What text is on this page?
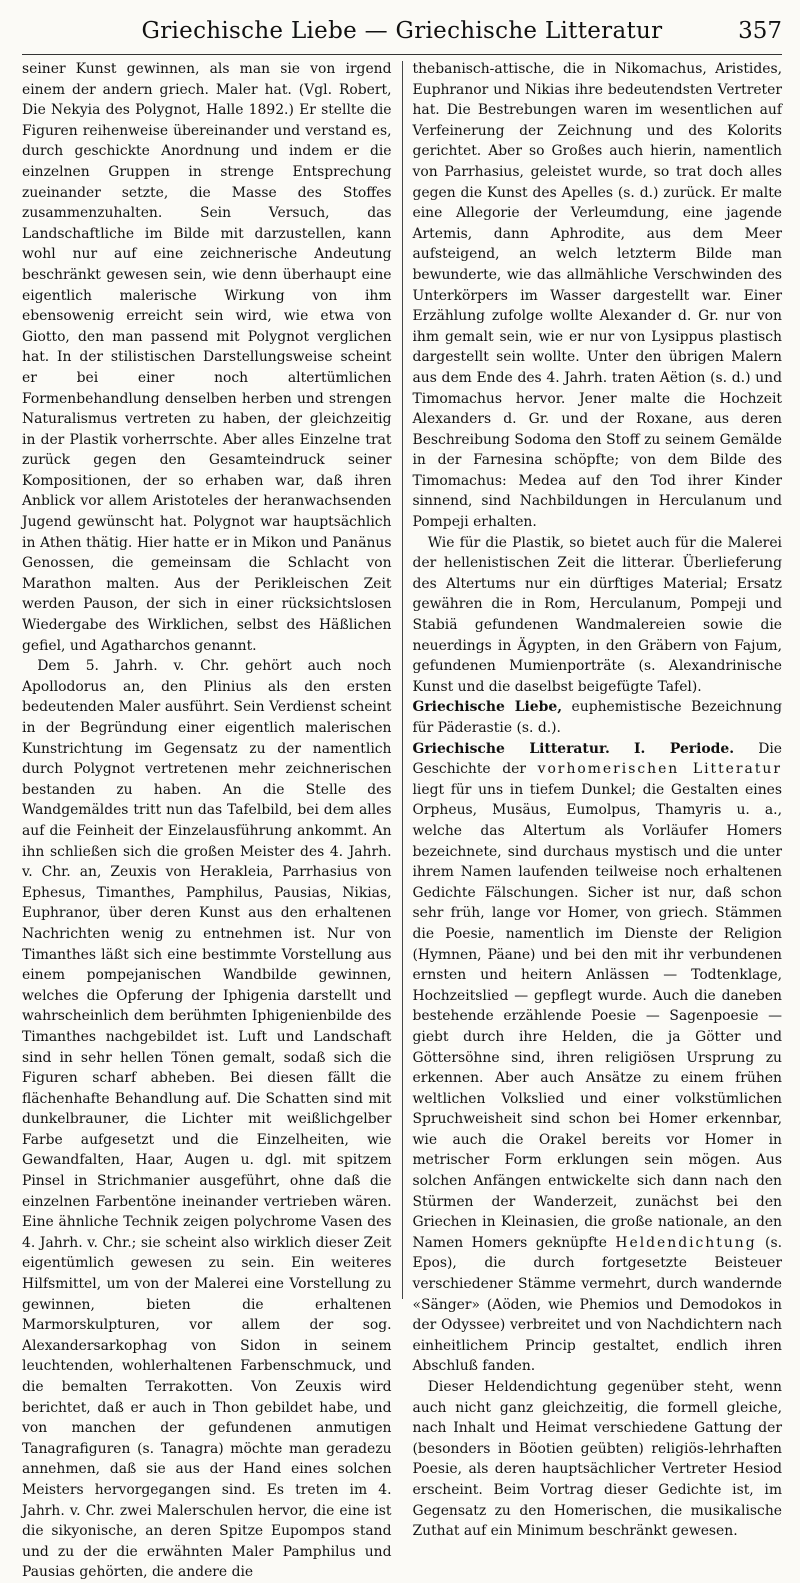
Griechische Liebe — Griechische Litteratur	357

seiner Kunst gewinnen, als man sie von irgend einem der andern griech. Maler hat. (Vgl. Robert, Die Nekyia des Polygnot, Halle 1892.) Er stellte die Figuren reihenweise übereinander und verstand es, durch geschickte Anordnung und indem er die einzelnen Gruppen in strenge Entsprechung zueinander setzte, die Masse des Stoffes zusammenzuhalten. Sein Versuch, das Landschaftliche im Bilde mit darzustellen, kann wohl nur auf eine zeichnerische Andeutung beschränkt gewesen sein, wie denn überhaupt eine eigentlich malerische Wirkung von ihm ebensowenig erreicht sein wird, wie etwa von Giotto, den man passend mit Polygnot verglichen hat. In der stilistischen Darstellungsweise scheint er bei einer noch altertümlichen Formenbehandlung denselben herben und strengen Naturalismus vertreten zu haben, der gleichzeitig in der Plastik vorherrschte. Aber alles Einzelne trat zurück gegen den Gesamteindruck seiner Kompositionen, der so erhaben war, daß ihren Anblick vor allem Aristoteles der heranwachsenden Jugend gewünscht hat. Polygnot war hauptsächlich in Athen thätig. Hier hatte er in Mikon und Panänus Genossen, die gemeinsam die Schlacht von Marathon malten. Aus der Perikleischen Zeit werden Pauson, der sich in einer rücksichtslosen Wiedergabe des Wirklichen, selbst des Häßlichen gefiel, und Agatharchos genannt.

Dem 5. Jahrh. v. Chr. gehört auch noch Apollodorus an, den Plinius als den ersten bedeutenden Maler ausführt. Sein Verdienst scheint in der Begründung einer eigentlich malerischen Kunstrichtung im Gegensatz zu der namentlich durch Polygnot vertretenen mehr zeichnerischen bestanden zu haben. An die Stelle des Wandgemäldes tritt nun das Tafelbild, bei dem alles auf die Feinheit der Einzelausführung ankommt. An ihn schließen sich die großen Meister des 4. Jahrh. v. Chr. an, Zeuxis von Herakleia, Parrhasius von Ephesus, Timanthes, Pamphilus, Pausias, Nikias, Euphranor, über deren Kunst aus den erhaltenen Nachrichten wenig zu entnehmen ist. Nur von Timanthes läßt sich eine bestimmte Vorstellung aus einem pompejanischen Wandbilde gewinnen, welches die Opferung der Iphigenia darstellt und wahrscheinlich dem berühmten Iphigenienbilde des Timanthes nachgebildet ist. Luft und Landschaft sind in sehr hellen Tönen gemalt, sodaß sich die Figuren scharf abheben. Bei diesen fällt die flächenhafte Behandlung auf. Die Schatten sind mit dunkelbrauner, die Lichter mit weißlichgelber Farbe aufgesetzt und die Einzelheiten, wie Gewandfalten, Haar, Augen u. dgl. mit spitzem Pinsel in Strichmanier ausgeführt, ohne daß die einzelnen Farbentöne ineinander vertrieben wären. Eine ähnliche Technik zeigen polychrome Vasen des 4. Jahrh. v. Chr.; sie scheint also wirklich dieser Zeit eigentümlich gewesen zu sein. Ein weiteres Hilfsmittel, um von der Malerei eine Vorstellung zu gewinnen, bieten die erhaltenen Marmorskulpturen, vor allem der sog. Alexandersarkophag von Sidon in seinem leuchtenden, wohlerhaltenen Farbenschmuck, und die bemalten Terrakotten. Von Zeuxis wird berichtet, daß er auch in Thon gebildet habe, und von manchen der gefundenen anmutigen Tanagrafiguren (s. Tanagra) möchte man geradezu annehmen, daß sie aus der Hand eines solchen Meisters hervorgegangen sind. Es treten im 4. Jahrh. v. Chr. zwei Malerschulen hervor, die eine ist die sikyonische, an deren Spitze Eupompos stand und zu der die erwähnten Maler Pamphilus und Pausias gehörten, die andere die

thebanisch-attische, die in Nikomachus, Aristides, Euphranor und Nikias ihre bedeutendsten Vertreter hat. Die Bestrebungen waren im wesentlichen auf Verfeinerung der Zeichnung und des Kolorits gerichtet. Aber so Großes auch hierin, namentlich von Parrhasius, geleistet wurde, so trat doch alles gegen die Kunst des Apelles (s. d.) zurück. Er malte eine Allegorie der Verleumdung, eine jagende Artemis, dann Aphrodite, aus dem Meer aufsteigend, an welch letzterm Bilde man bewunderte, wie das allmähliche Verschwinden des Unterkörpers im Wasser dargestellt war. Einer Erzählung zufolge wollte Alexander d. Gr. nur von ihm gemalt sein, wie er nur von Lysippus plastisch dargestellt sein wollte. Unter den übrigen Malern aus dem Ende des 4. Jahrh. traten Aëtion (s. d.) und Timomachus hervor. Jener malte die Hochzeit Alexanders d. Gr. und der Roxane, aus deren Beschreibung Sodoma den Stoff zu seinem Gemälde in der Farnesina schöpfte; von dem Bilde des Timomachus: Medea auf den Tod ihrer Kinder sinnend, sind Nachbildungen in Herculanum und Pompeji erhalten.

Wie für die Plastik, so bietet auch für die Malerei der hellenistischen Zeit die litterar. Überlieferung des Altertums nur ein dürftiges Material; Ersatz gewähren die in Rom, Herculanum, Pompeji und Stabiä gefundenen Wandmalereien sowie die neuerdings in Ägypten, in den Gräbern von Fajum, gefundenen Mumienporträte (s. Alexandrinische Kunst und die daselbst beigefügte Tafel).

Griechische Liebe, euphemistische Bezeichnung für Päderastie (s. d.).

Griechische Litteratur. I. Periode. Die Geschichte der vorhomerischen Litteratur liegt für uns in tiefem Dunkel; die Gestalten eines Orpheus, Musäus, Eumolpus, Thamyris u. a., welche das Altertum als Vorläufer Homers bezeichnete, sind durchaus mystisch und die unter ihrem Namen laufenden teilweise noch erhaltenen Gedichte Fälschungen. Sicher ist nur, daß schon sehr früh, lange vor Homer, von griech. Stämmen die Poesie, namentlich im Dienste der Religion (Hymnen, Päane) und bei den mit ihr verbundenen ernsten und heitern Anlässen — Todtenklage, Hochzeitslied — gepflegt wurde. Auch die daneben bestehende erzählende Poesie — Sagenpoesie — giebt durch ihre Helden, die ja Götter und Göttersöhne sind, ihren religiösen Ursprung zu erkennen. Aber auch Ansätze zu einem frühen weltlichen Volkslied und einer volkstümlichen Spruchweisheit sind schon bei Homer erkennbar, wie auch die Orakel bereits vor Homer in metrischer Form erklungen sein mögen. Aus solchen Anfängen entwickelte sich dann nach den Stürmen der Wanderzeit, zunächst bei den Griechen in Kleinasien, die große nationale, an den Namen Homers geknüpfte Heldendichtung (s. Epos), die durch fortgesetzte Beisteuer verschiedener Stämme vermehrt, durch wandernde «Sänger» (Aöden, wie Phemios und Demodokos in der Odyssee) verbreitet und von Nachdichtern nach einheitlichem Princip gestaltet, endlich ihren Abschluß fanden.

Dieser Heldendichtung gegenüber steht, wenn auch nicht ganz gleichzeitig, die formell gleiche, nach Inhalt und Heimat verschiedene Gattung der (besonders in Böotien geübten) religiös-lehrhaften Poesie, als deren hauptsächlicher Vertreter Hesiod erscheint. Beim Vortrag dieser Gedichte ist, im Gegensatz zu den Homerischen, die musikalische Zuthat auf ein Minimum beschränkt gewesen.
